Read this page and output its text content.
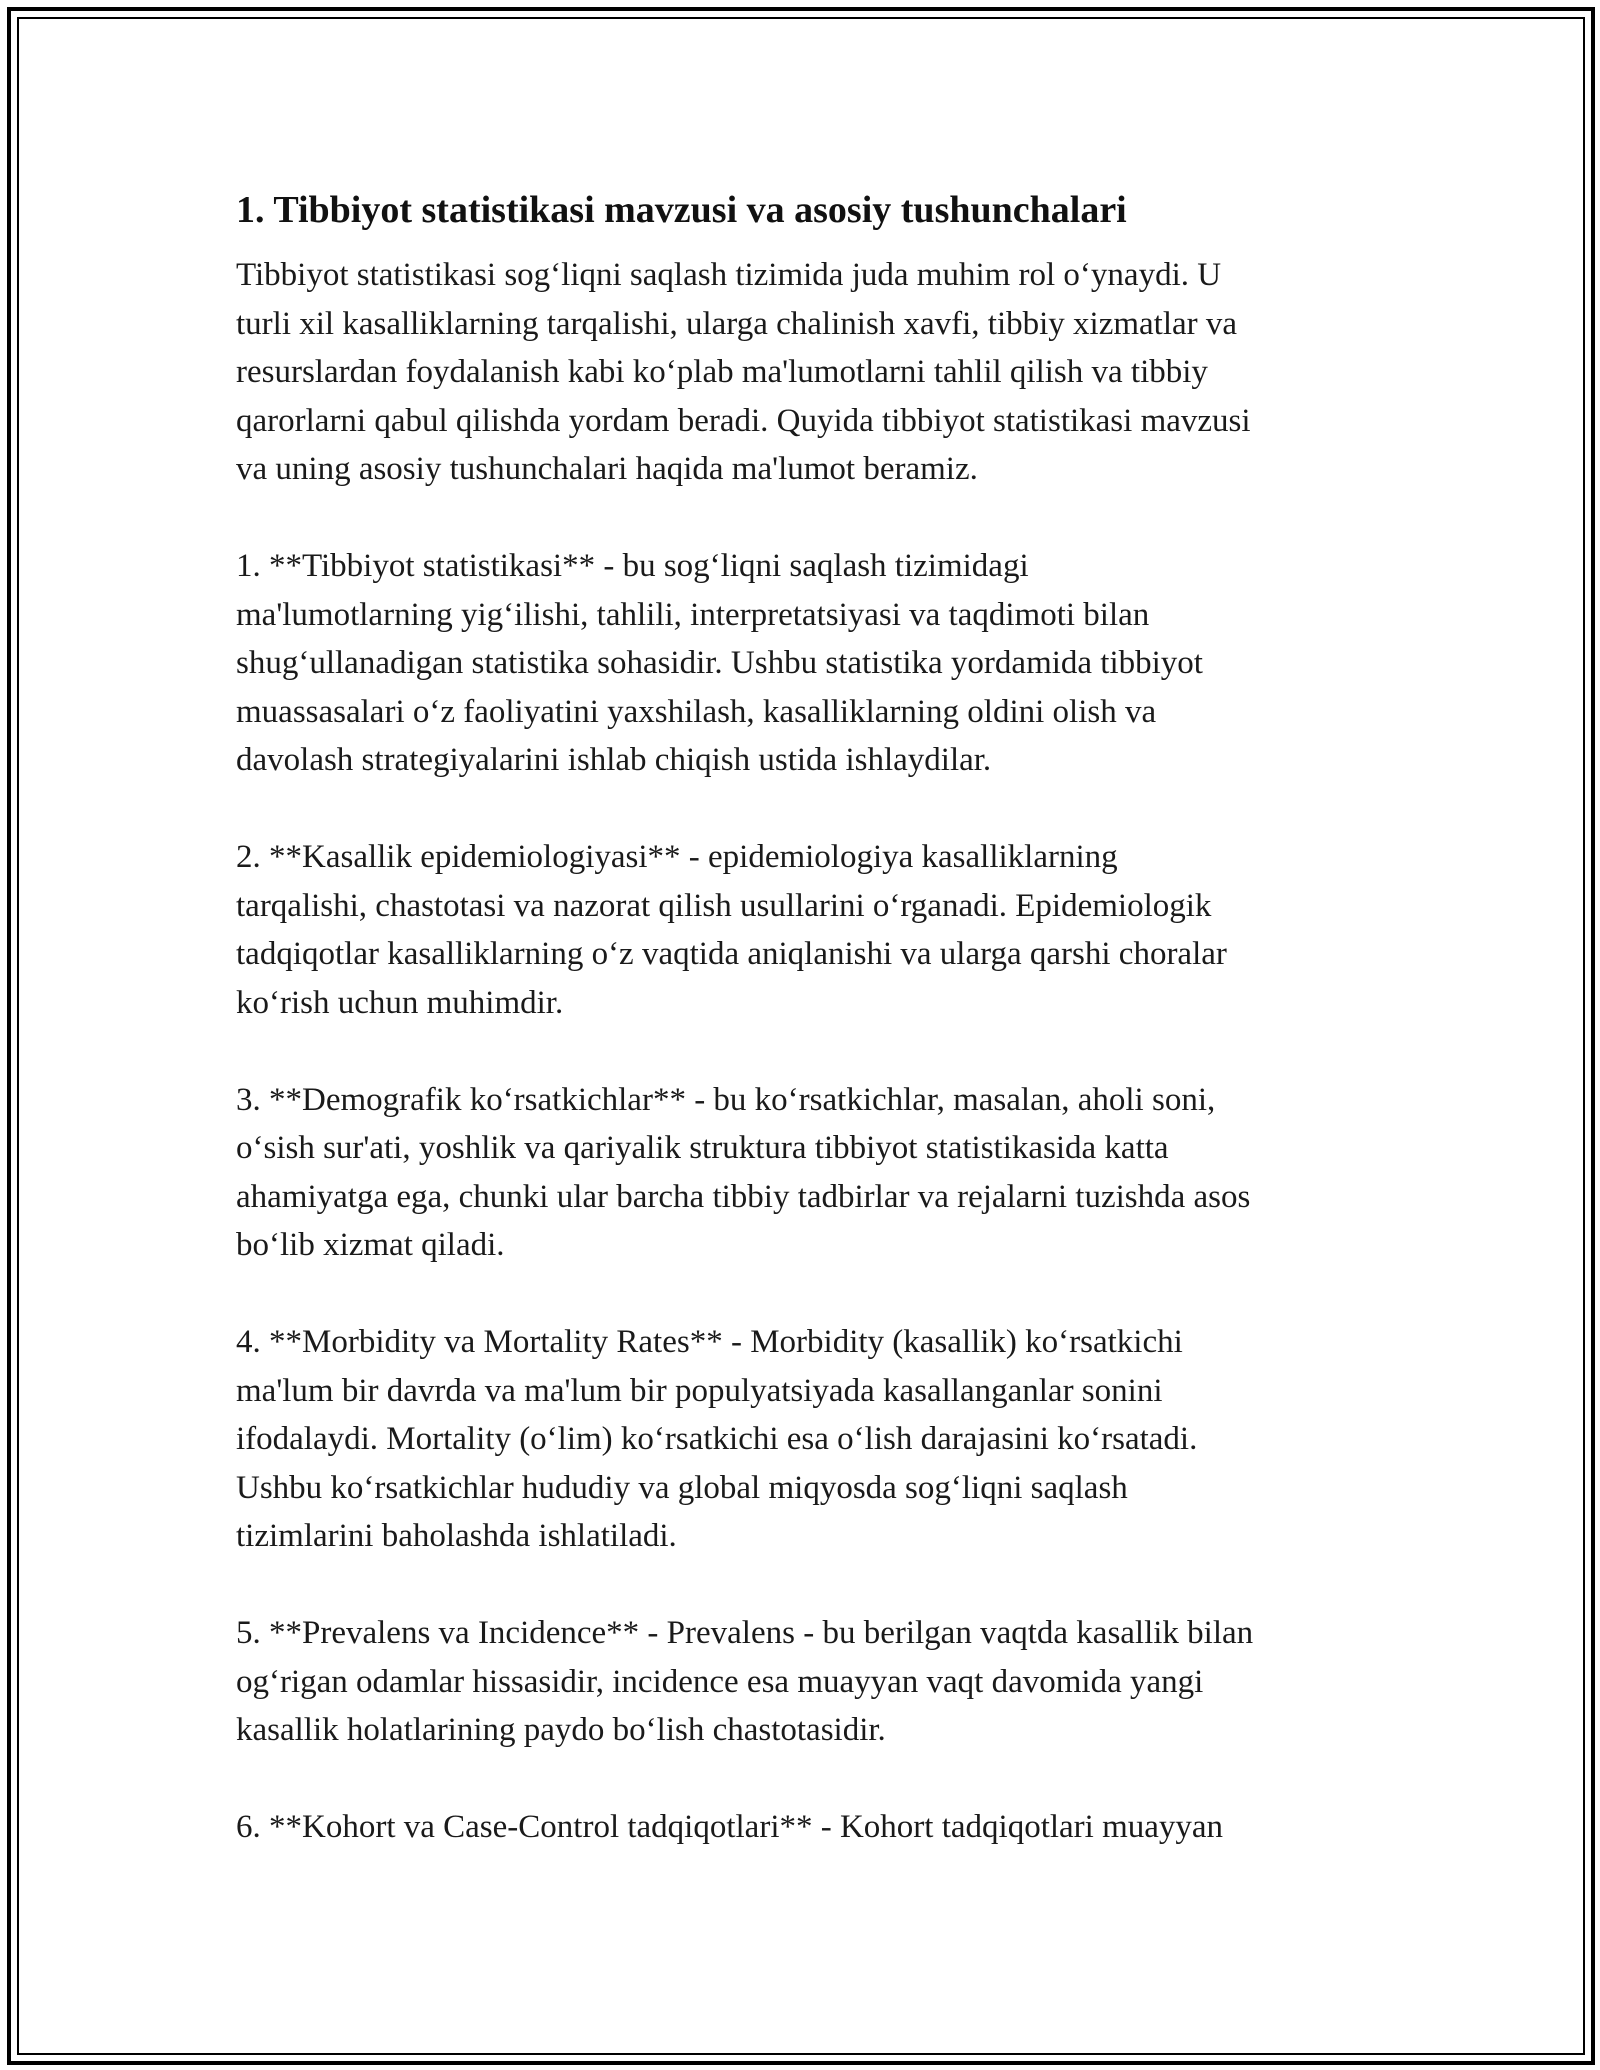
1. Tibbiyot statistikasi mavzusi va asosiy tushunchalari

Tibbiyot statistikasi sog‘liqni saqlash tizimida juda muhim rol o‘ynaydi. U
turli xil kasalliklarning tarqalishi, ularga chalinish xavfi, tibbiy xizmatlar va
resurslardan foydalanish kabi ko‘plab ma'lumotlarni tahlil qilish va tibbiy
qarorlarni qabul qilishda yordam beradi. Quyida tibbiyot statistikasi mavzusi
va uning asosiy tushunchalari haqida ma'lumot beramiz.

1. **Tibbiyot statistikasi** - bu sog‘liqni saqlash tizimidagi
ma'lumotlarning yig‘ilishi, tahlili, interpretatsiyasi va taqdimoti bilan
shug‘ullanadigan statistika sohasidir. Ushbu statistika yordamida tibbiyot
muassasalari o‘z faoliyatini yaxshilash, kasalliklarning oldini olish va
davolash strategiyalarini ishlab chiqish ustida ishlaydilar.

2. **Kasallik epidemiologiyasi** - epidemiologiya kasalliklarning
tarqalishi, chastotasi va nazorat qilish usullarini o‘rganadi. Epidemiologik
tadqiqotlar kasalliklarning o‘z vaqtida aniqlanishi va ularga qarshi choralar
ko‘rish uchun muhimdir.

3. **Demografik ko‘rsatkichlar** - bu ko‘rsatkichlar, masalan, aholi soni,
o‘sish sur'ati, yoshlik va qariyalik struktura tibbiyot statistikasida katta
ahamiyatga ega, chunki ular barcha tibbiy tadbirlar va rejalarni tuzishda asos
bo‘lib xizmat qiladi.

4. **Morbidity va Mortality Rates** - Morbidity (kasallik) ko‘rsatkichi
ma'lum bir davrda va ma'lum bir populyatsiyada kasallanganlar sonini
ifodalaydi. Mortality (o‘lim) ko‘rsatkichi esa o‘lish darajasini ko‘rsatadi.
Ushbu ko‘rsatkichlar hududiy va global miqyosda sog‘liqni saqlash
tizimlarini baholashda ishlatiladi.

5. **Prevalens va Incidence** - Prevalens - bu berilgan vaqtda kasallik bilan
og‘rigan odamlar hissasidir, incidence esa muayyan vaqt davomida yangi
kasallik holatlarining paydo bo‘lish chastotasidir.

6. **Kohort va Case-Control tadqiqotlari** - Kohort tadqiqotlari muayyan
